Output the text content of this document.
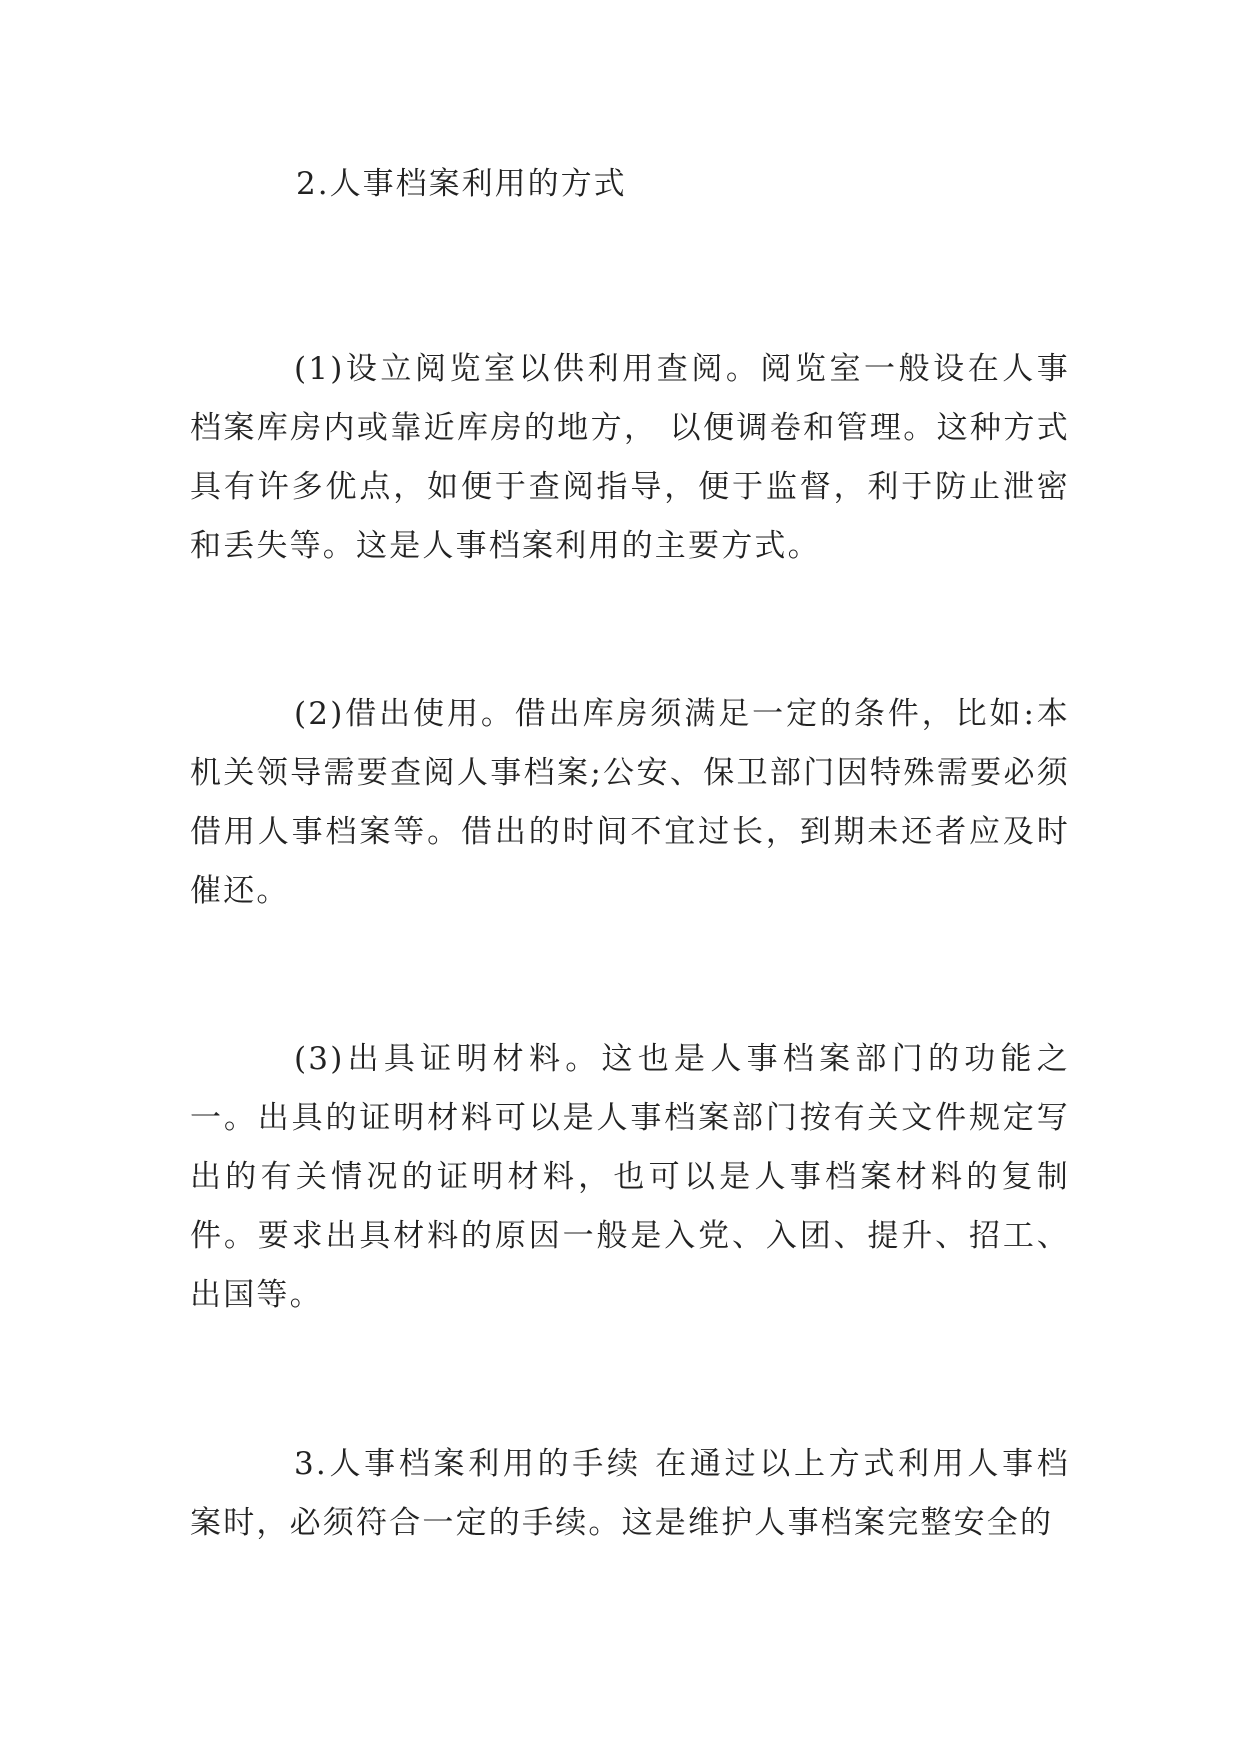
2.人事档案利用的方式

(1)设立阅览室以供利用查阅。阅览室一般设在人事档案库房内或靠近库房的地方， 以便调卷和管理。这种方式具有许多优点，如便于查阅指导，便于监督，利于防止泄密和丢失等。这是人事档案利用的主要方式。

(2)借出使用。借出库房须满足一定的条件，比如:本机关领导需要查阅人事档案;公安、保卫部门因特殊需要必须借用人事档案等。借出的时间不宜过长，到期未还者应及时催还。

(3)出具证明材料。这也是人事档案部门的功能之一。出具的证明材料可以是人事档案部门按有关文件规定写出的有关情况的证明材料，也可以是人事档案材料的复制件。要求出具材料的原因一般是入党、入团、提升、招工、出国等。

3.人事档案利用的手续 在通过以上方式利用人事档案时，必须符合一定的手续。这是维护人事档案完整安全的
